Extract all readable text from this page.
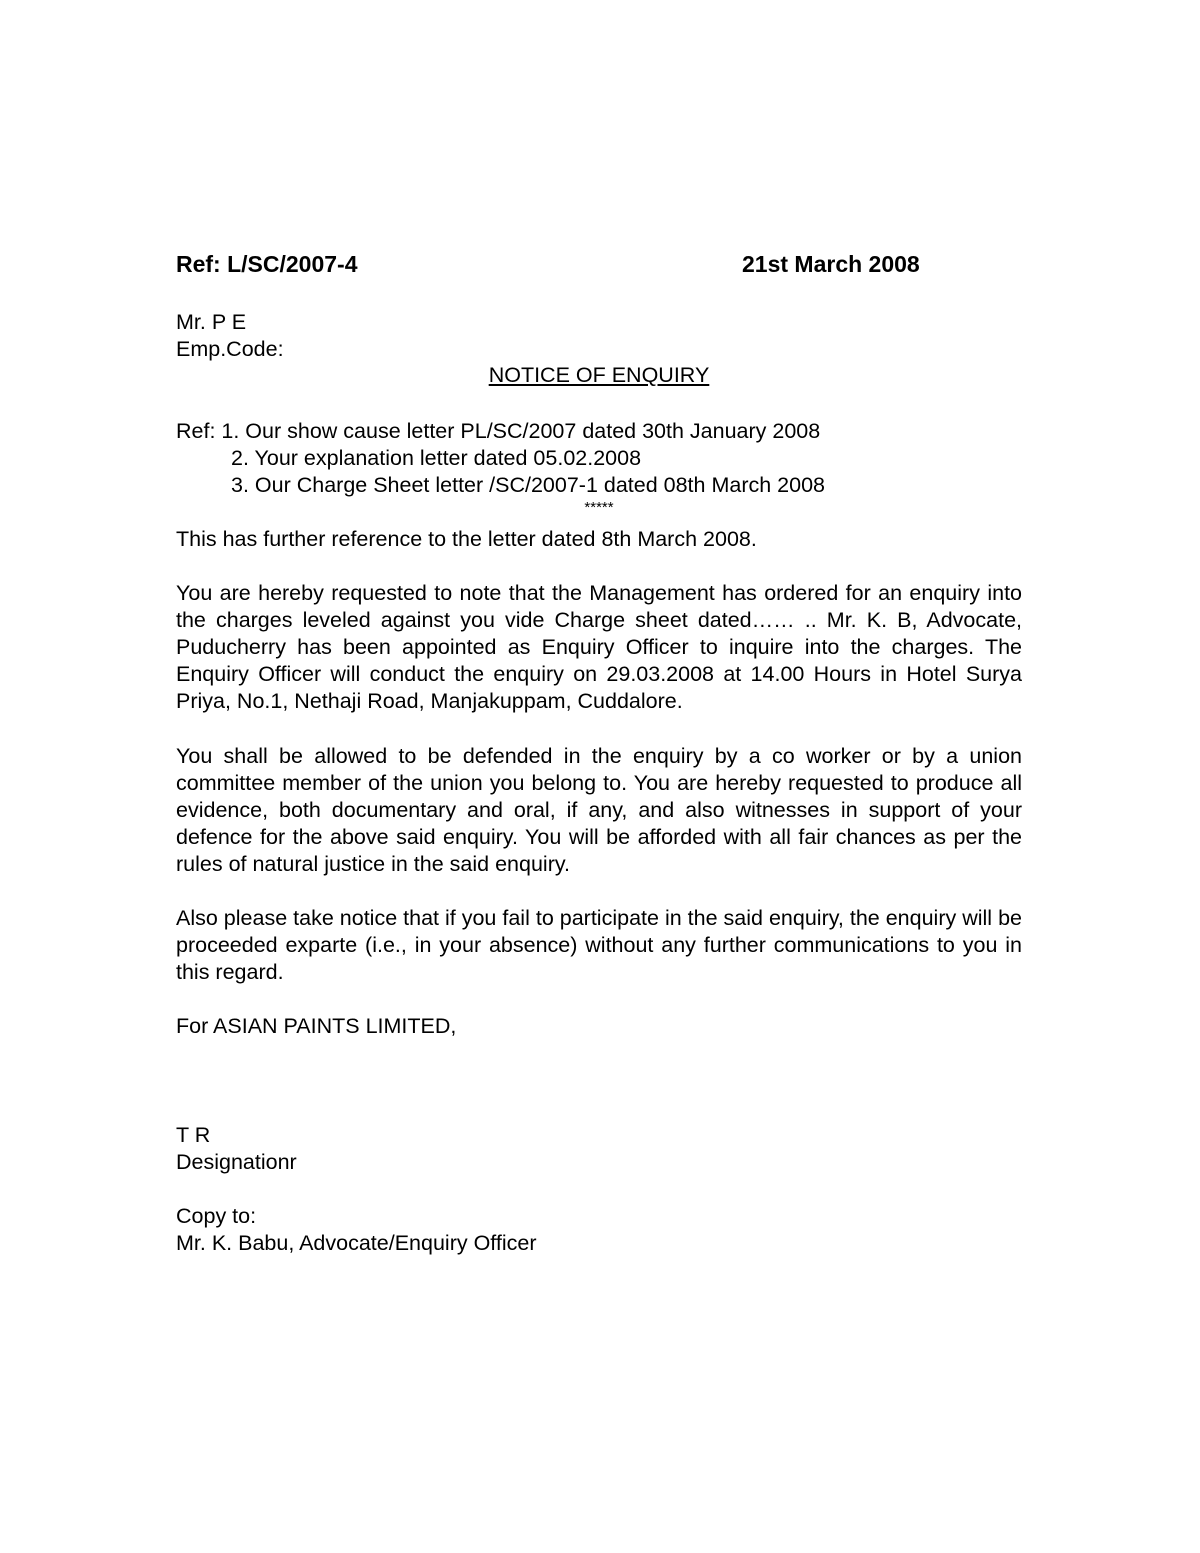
Ref: L/SC/2007-4	21st March 2008
Mr. P E
Emp.Code:
NOTICE OF ENQUIRY
Ref: 1. Our show cause letter PL/SC/2007 dated 30th January 2008
2. Your explanation letter dated 05.02.2008
3. Our Charge Sheet letter /SC/2007-1 dated 08th March 2008
*****
This has further reference to the letter dated 8th March 2008.
You are hereby requested to note that the Management has ordered for an enquiry into the charges leveled against you vide Charge sheet dated…… .. Mr. K. B, Advocate, Puducherry has been appointed as Enquiry Officer to inquire into the charges. The Enquiry Officer will conduct the enquiry on 29.03.2008 at 14.00 Hours in Hotel Surya Priya, No.1, Nethaji Road, Manjakuppam, Cuddalore.
You shall be allowed to be defended in the enquiry by a co worker or by a union committee member of the union you belong to. You are hereby requested to produce all evidence, both documentary and oral, if any, and also witnesses in support of your defence for the above said enquiry. You will be afforded with all fair chances as per the rules of natural justice in the said enquiry.
Also please take notice that if you fail to participate in the said enquiry, the enquiry will be proceeded exparte (i.e., in your absence) without any further communications to you in this regard.
For ASIAN PAINTS LIMITED,
T R
Designationr
Copy to:
Mr. K. Babu, Advocate/Enquiry Officer
